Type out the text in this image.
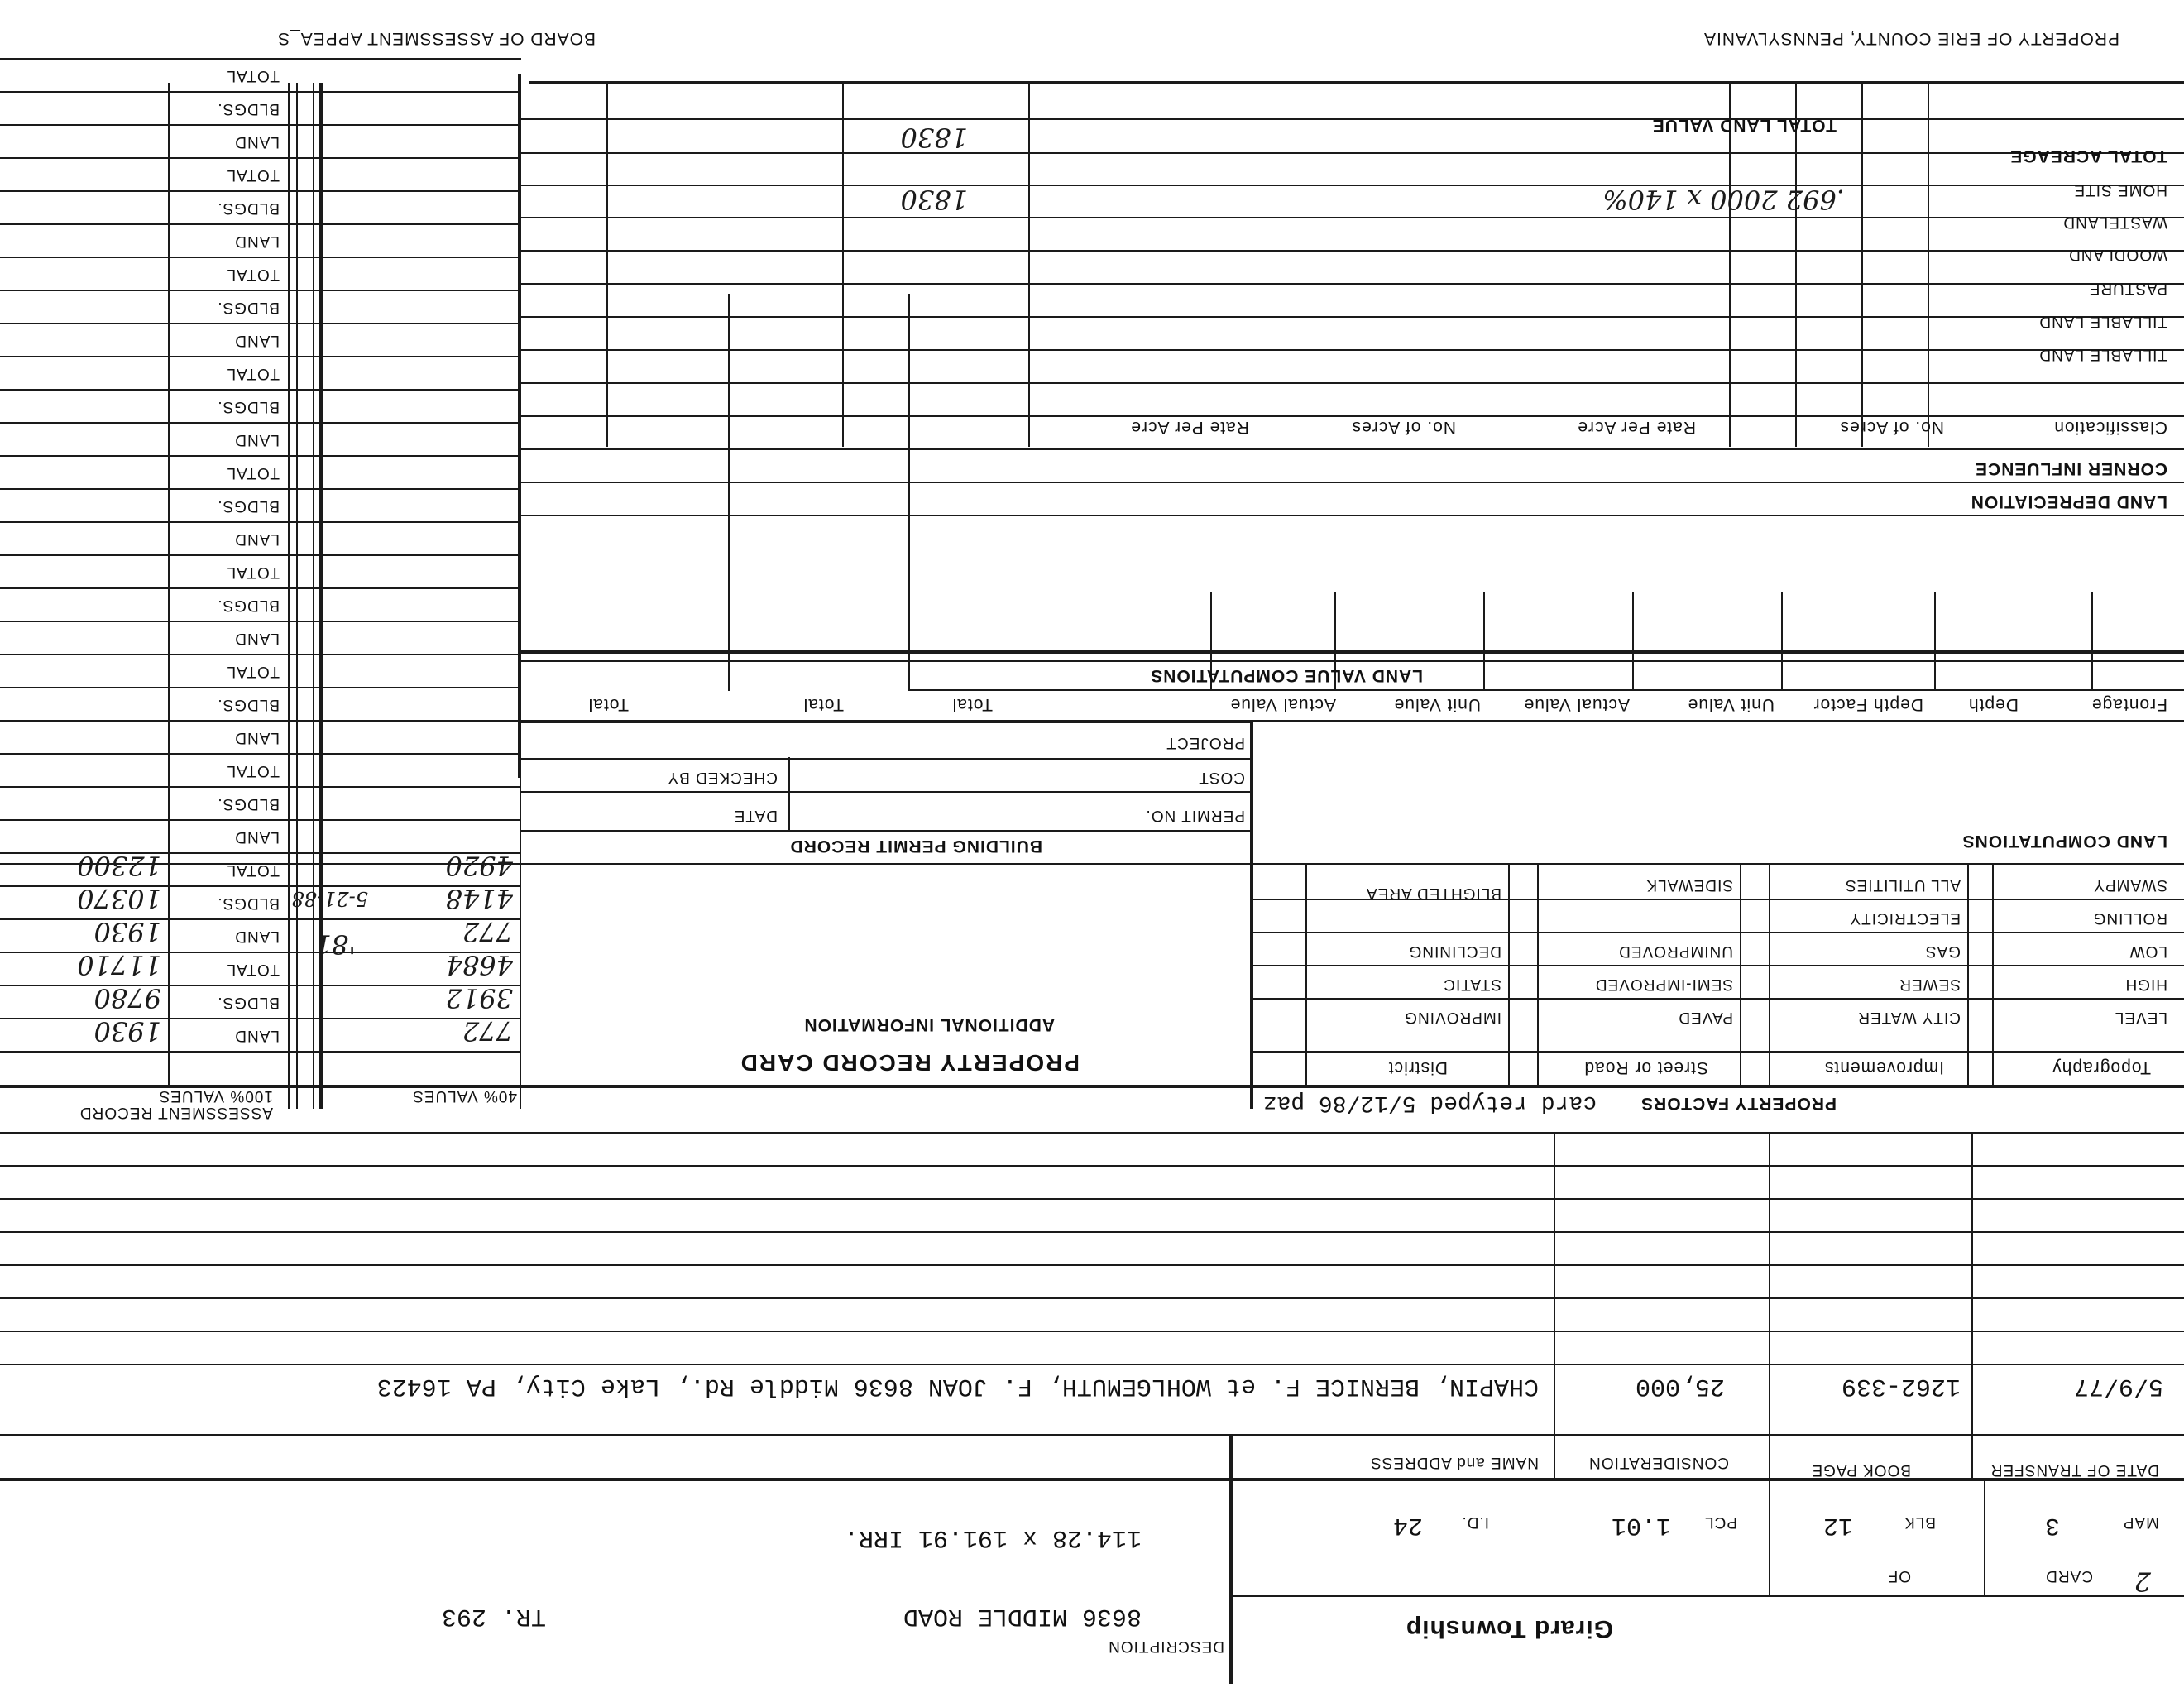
PROPERTY OF ERIE COUNTY, PENNSYLVANIA
BOARD OF ASSESSMENT APPEA_S
TOTAL ACREAGE
TOTAL LAND VALUE
HOME SITE
WASTELAND
WOODLAND
PASTURE
TILLABLE LAND
TILLABLE LAND
Classification
No. of Acres
Rate Per Acre
No. of Acres
Rate Per Acre
CORNER INFLUENCE
LAND DEPRECIATION
.692 2000 x 140%
1830
1830
LAND VALUE COMPUTATIONS
Frontage
Depth
Depth Factor
Unit Value
Actual Value
Unit Value
Actual Value
Total
Total
Total
LAND COMPUTATIONS
PROJECT
COST
CHECKED BY
PERMIT NO.
DATE
BUILDING PERMIT RECORD
SWAMPY
ROLLING
LOW
HIGH
LEVEL
ALL UTILITIES
ELECTRICITY
GAS
SEWER
CITY WATER
SIDEWALK
UNIMPROVED
SEMI-IMPROVED
PAVED
BLIGHTED AREA
DECLINING
STATIC
IMPROVING
Topography
Improvements
Street or Road
District
PROPERTY FACTORS
card retyped 5/12/86 paz
ADDITIONAL INFORMATION
PROPERTY RECORD CARD
40% VALUES
100% VALUES
ASSESSMENT RECORD
LAND
BLDGS.
TOTAL
LAND
BLDGS.
TOTAL
LAND
BLDGS.
TOTAL
LAND
BLDGS.
TOTAL
LAND
BLDGS.
TOTAL
LAND
BLDGS.
TOTAL
LAND
BLDGS.
TOTAL
LAND
BLDGS.
TOTAL
LAND
BLDGS.
TOTAL
LAND
BLDGS.
TOTAL
772
3912
4684
772
4148
4920
1930
9780
11710
1930
10370
12300
'81
5-21-88
DATE OF TRANSFER
BOOK PAGE
CONSIDERATION
NAME and ADDRESS
5/9/77
1262-339
25,000
CHAPIN, BERNICE F. et WOHLGEMUTH, F. JOAN 8636 Middle Rd., Lake City, PA 16423
MAP
3
BLK
12
PCL
1.01
I.D.
24
114.28 x 191.91 IRR.
2
CARD
OF
Girard Township
DESCRIPTION
8636 MIDDLE ROAD
TR. 293
